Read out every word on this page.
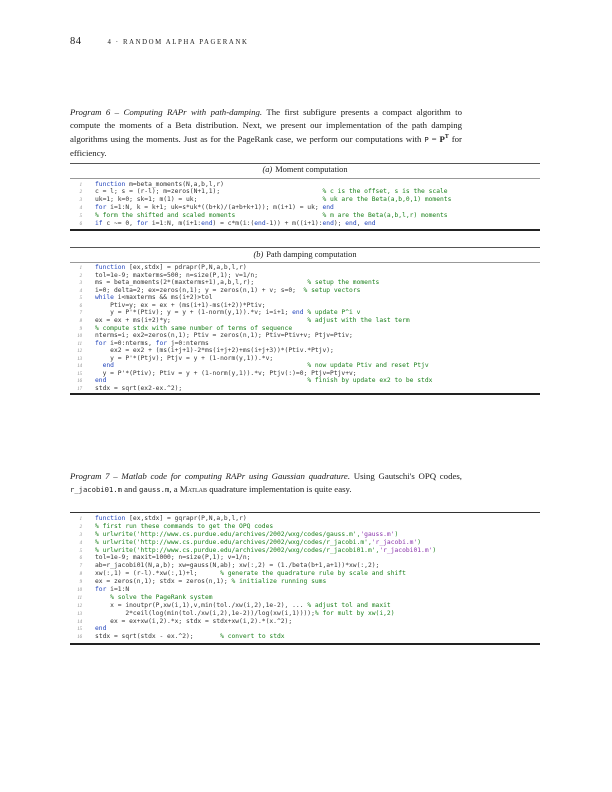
84	4 · RANDOM ALPHA PAGERANK

Program 6 – Computing RAPr with path-damping. The first subfigure presents a compact algorithm to compute the moments of a Beta distribution. Next, we present our implementation of the path damping algorithms using the moments. Just as for the PageRank case, we perform our computations with $P = P^T$ for efficiency.

(a) Moment computation
1 function m=beta_moments(N,a,b,l,r)
2 c = l; s = (r-l); m=zeros(N+1,1);	% c is the offset, s is the scale
3 uk=1; k=0; sk=1; m(1) = uk;	% uk are the Beta(a,b,0,1) moments
4 for i=1:N, k = k+1; uk=s*uk*((b+k)/(a+b+k+1)); m(i+1) = uk; end
5 % form the shifted and scaled moments	% m are the Beta(a,b,l,r) moments
6 if c ~= 0, for i=1:N, m(i+1:end) = c*m(i:(end-1)) + m((i+1):end); end, end
(b) Path damping computation
1 function [ex,stdx] = pdrapr(P,N,a,b,l,r)
2 tol=1e-9; maxterms=500; n=size(P,1); v=1/n;
3 ms = beta_moments(2*(maxterms+1),a,b,l,r);	% setup the moments
4 i=0; delta=2; ex=zeros(n,1); y = zeros(n,1) + v; s=0; % setup vectors
5 while i<maxterms && ms(i+2)>tol
6    Ptiv=y; ex = ex + (ms(i+1)-ms(i+2))*Ptiv;
7    y = P'*(Ptiv); y = y + (1-norm(y,1)).*v; i=i+1; end % update P^i v
8 ex = ex + ms(i+2)*y;	% adjust with the last term
9 % compute stdx with same number of terms of sequence
10 nterms=i; ex2=zeros(n,1); Ptiv = zeros(n,1); Ptiv=Ptiv+v; Ptjv=Ptiv;
11 for i=0:nterms, for j=0:nterms
12    ex2 = ex2 + (ms(i+j+1)-2*ms(i+j+2)+ms(i+j+3))*(Ptiv.*Ptjv);
13    y = P'*(Ptjv); Ptjv = y + (1-norm(y,1)).*v;
14	end	% now update Ptiv and reset Ptjv
15  y = P'*(Ptiv); Ptiv = y + (1-norm(y,1)).*v; Ptjv(:)=0; Ptjv=Ptjv+v;
16 end	% finish by update ex2 to be stdx
17 stdx = sqrt(ex2-ex.^2);

Program 7 – Matlab code for computing RAPr using Gaussian quadrature. Using Gautschi's OPQ codes, r_jacobi01.m and gauss.m, a Matlab quadrature implementation is quite easy.

1 function [ex,stdx] = gqrapr(P,N,a,b,l,r)
2 % first run these commands to get the OPQ codes
3 % urlwrite('http://www.cs.purdue.edu/archives/2002/wxg/codes/gauss.m','gauss.m')
4 % urlwrite('http://www.cs.purdue.edu/archives/2002/wxg/codes/r_jacobi.m','r_jacobi.m')
5 % urlwrite('http://www.cs.purdue.edu/archives/2002/wxg/codes/r_jacobi01.m','r_jacobi01.m')
6 tol=1e-9; maxit=1000; n=size(P,1); v=1/n;
7 ab=r_jacobi01(N,a,b); xw=gauss(N,ab); xw(:,2) = (1./beta(b+1,a+1))*xw(:,2);
8 xw(:,1) = (r-l).*xw(:,1)+l;	% generate the quadrature rule by scale and shift
9 ex = zeros(n,1); stdx = zeros(n,1); % initialize running sums
10 for i=1:N
11	% solve the PageRank system
12    x = inoutpr(P,xw(i,1),v,min(tol./xw(i,2),1e-2), ... % adjust tol and maxit
13        2*ceil(log(min(tol./xw(i,2),1e-2))/log(xw(i,1))));% for mult by xw(i,2)
14    ex = ex+xw(i,2).*x; stdx = stdx+xw(i,2).*(x.^2);
15 end
16 stdx = sqrt(stdx - ex.^2);	% convert to stdx
